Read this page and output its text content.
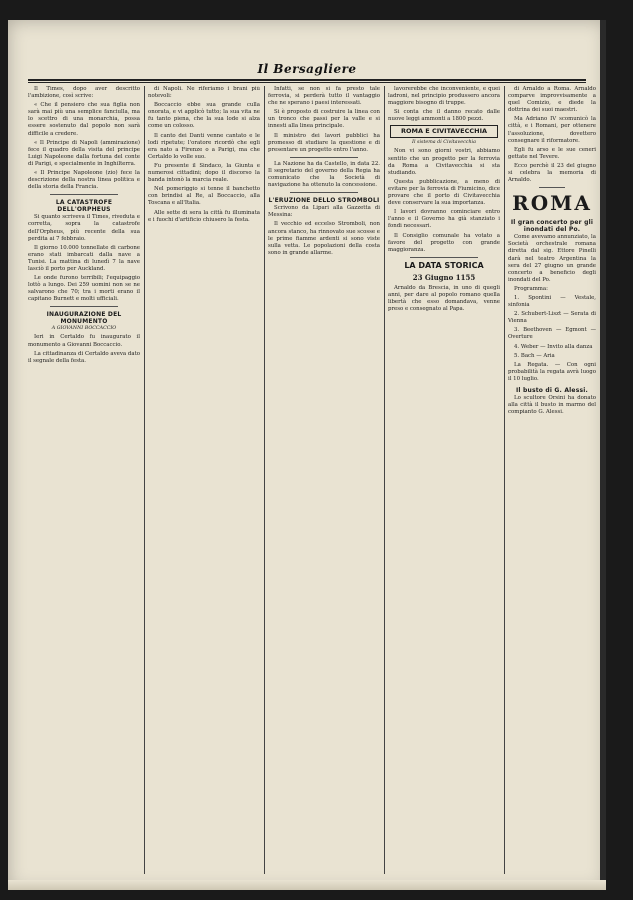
Il Bersagliere

Il Times, dopo aver descritto l'ambizione, così scrive:

« Che il pensiero che sua figlia non sarà mai più una semplice fanciulla, ma lo scettro di una monarchia, possa essere sostenuto dal popolo non sarà difficile a credere.

« Il Principe di Napoli (ammirazione) fece il quadro della visita del principe Luigi Napoleone dalla fortuna del conte di Parigi, e specialmente in Inghilterra.

« Il Principe Napoleone (zio) fece la descrizione della nostra linea politica e della storia della Francia.

LA CATASTROFE DELL'ORPHEUS

Si quanto scriveva il Times, riveduta e corretta, sopra la catastrofe dell'Orpheus, più recente della sua perdita ai 7 febbraio.

Il giorno 10.000 tonnellate di carbone erano stati imbarcati dalla nave a Tunisi. La mattina di lunedì 7 la nave lasciò il porto per Auckland.

Le onde furono terribili; l'equipaggio lottò a lungo. Dei 259 uomini non se ne salvarono che 70; tra i morti erano il capitano Burnett e molti ufficiali.

INAUGURAZIONE DEL MONUMENTO
A GIOVANNI BOCCACCIO

Ieri in Certaldo fu inaugurato il monumento a Giovanni Boccaccio.

La cittadinanza di Certaldo aveva dato il segnale della festa.

di Napoli. Ne riferiamo i brani più notevoli:

Boccaccio ebbe sua grande culla onorata, e vi applicò tutto; la sua vita ne fu tanto piena, che la sua lode si alza come un colosso.

Il canto dei Danti venne cantato e le lodi ripetute; l'oratore ricordò che egli era nato a Firenze o a Parigi, ma che Certaldo lo volle suo.

Fu presente il Sindaco, la Giunta e numerosi cittadini; dopo il discorso la banda intonò la marcia reale.

Nel pomeriggio si tenne il banchetto con brindisi al Re, al Boccaccio, alla Toscana e all'Italia.

Alle sette di sera la città fu illuminata e i fuochi d'artificio chiusero la festa.

Infatti, se non si fa presto tale ferrovia, si perderà tutto il vantaggio che ne sperano i paesi interessati.

Si è proposto di costruire la linea con un tronco che passi per la valle e si innesti alla linea principale.

Il ministro dei lavori pubblici ha promesso di studiare la questione e di presentare un progetto entro l'anno.

La Nazione ha da Castello, in data 22. Il segretario del governo della Regia ha comunicato che la Società di navigazione ha ottenuto la concessione.

L'ERUZIONE DELLO STROMBOLI

Scrivono da Lipari alla Gazzetta di Messina:

Il vecchio ed eccelso Stromboli, non ancora stanco, ha rinnovato sue scosse e le prime fiamme ardenti si sono viste sulla vetta. Le popolazioni della costa sono in grande allarme.

lavorerebbe che inconveniente, e quei ladroni, nel principio produssero ancora maggiore bisogno di truppe.

Si conta che il danno recato dalle nuove leggi ammonti a 1800 pezzi.

ROMA E CIVITAVECCHIA
Il sistema di Civitavecchia

Non vi sono giorni vostri, abbiamo sentito che un progetto per la ferrovia da Roma a Civitavecchia si sta studiando.

Questa pubblicazione, a meno di evitare per la ferrovia di Fiumicino, dice provare che il porto di Civitavecchia deve conservare la sua importanza.

I lavori dovranno cominciare entro l'anno e il Governo ha già stanziato i fondi necessari.

Il Consiglio comunale ha votato a favore del progetto con grande maggioranza.

LA DATA STORICA
23 Giugno 1155

Arnaldo da Brescia, in uno di quegli anni, per dare al popolo romano quella libertà che esso domandava, venne preso e consegnato al Papa.

di Arnaldo a Roma. Arnaldo comparve improvvisamente a quel Comizio, e diede la dottrina dei suoi maestri.

Ma Adriano IV scomunicò la città, e i Romani, per ottenere l'assoluzione, dovettero consegnare il riformatore.

Egli fu arso e le sue ceneri gettate nel Tevere.

Ecco perchè il 23 del giugno si celebra la memoria di Arnaldo.

ROMA
Il gran concerto per gli inondati del Po.

Come avevamo annunziato, la Società orchestrale romana diretta dal sig. Ettore Pinelli darà nel teatro Argentina la sera del 27 giugno un grande concerto a beneficio degli inondati del Po.

Programma:

1. Spontini — Vestale, sinfonia

2. Schubert-Liszt — Serata di Vienna

3. Beethoven — Egmont — Overture

4. Weber — Invito alla danza

5. Bach — Aria

La Regata. — Con ogni probabilità la regata avrà luogo il 10 luglio.

Il busto di G. Alessi.

Lo scultore Orsini ha donato alla città il busto in marmo del compianto G. Alessi.
